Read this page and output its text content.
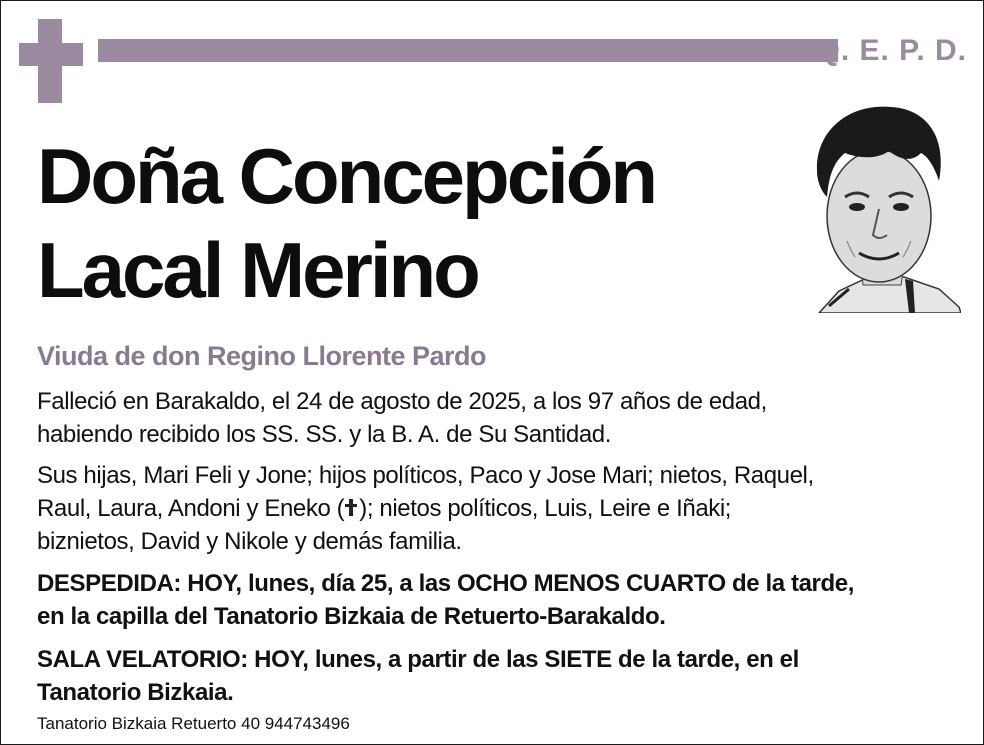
Q. E. P. D.
Doña Concepción
Lacal Merino
Viuda de don Regino Llorente Pardo
Falleció en Barakaldo, el 24 de agosto de 2025, a los 97 años de edad,
habiendo recibido los SS. SS. y la B. A. de Su Santidad.
Sus hijas, Mari Feli y Jone; hijos políticos, Paco y Jose Mari; nietos, Raquel,
Raul, Laura, Andoni y Eneko ( ); nietos políticos, Luis, Leire e Iñaki;
biznietos, David y Nikole y demás familia.
DESPEDIDA: HOY, lunes, día 25, a las OCHO MENOS CUARTO de la tarde,
en la capilla del Tanatorio Bizkaia de Retuerto-Barakaldo.
SALA VELATORIO: HOY, lunes, a partir de las SIETE de la tarde, en el
Tanatorio Bizkaia.
Tanatorio Bizkaia Retuerto 40 944743496
